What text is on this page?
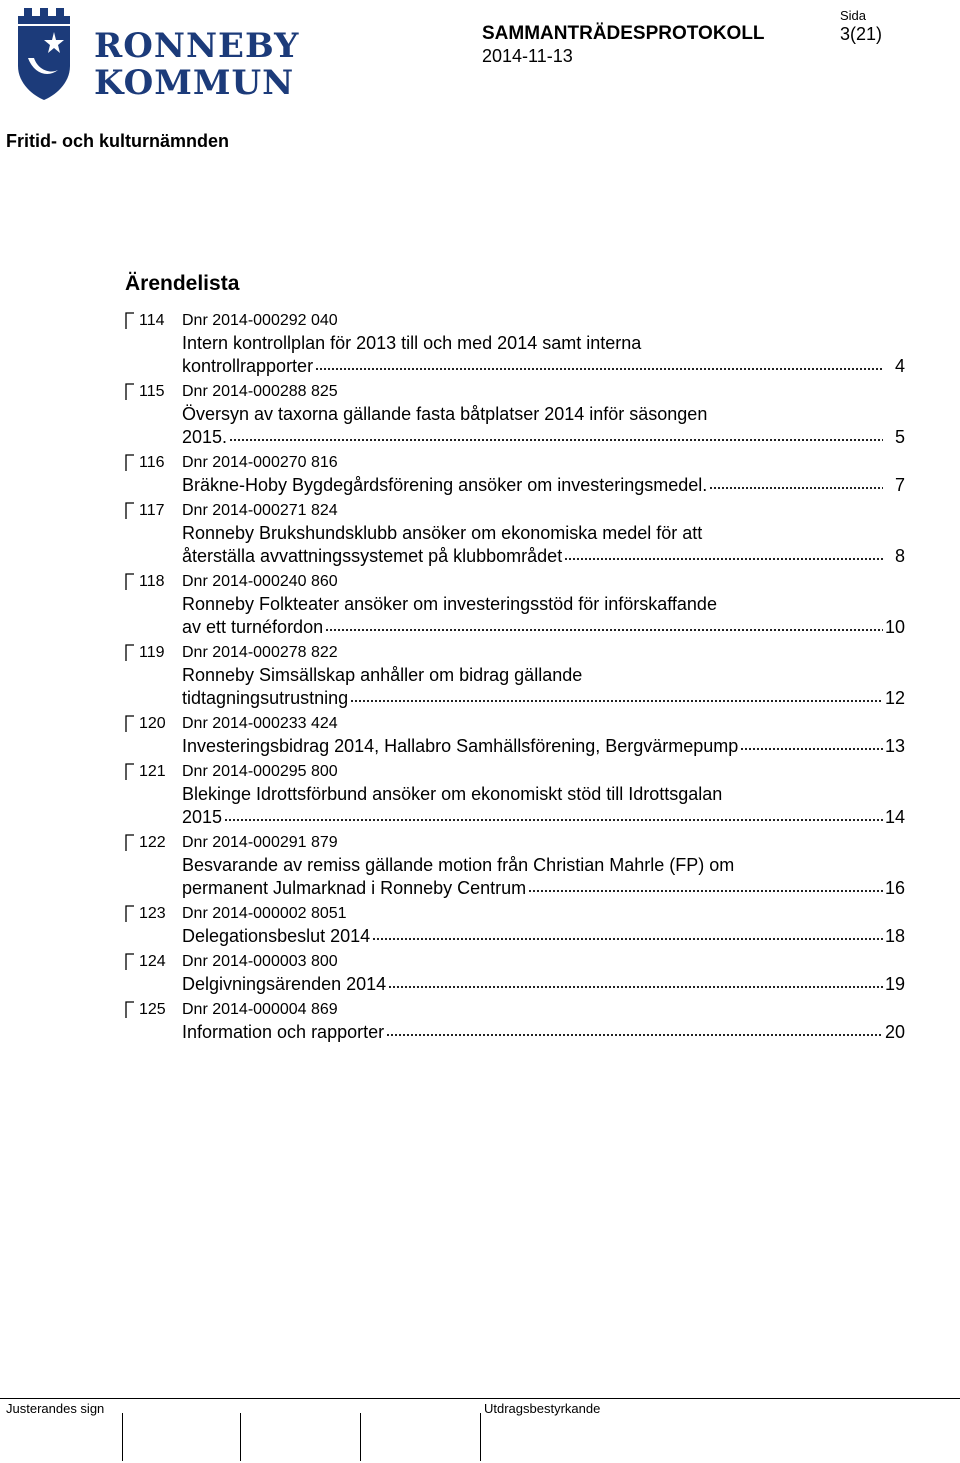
RONNEBY
KOMMUN
SAMMANTRÄDESPROTOKOLL
2014-11-13
Sida
3(21)
Fritid- och kulturnämnden
Ärendelista
114 Dnr 2014-000292 040
Intern kontrollplan för 2013 till och med 2014 samt interna
kontrollrapporter	4
115 Dnr 2014-000288 825
Översyn av taxorna gällande fasta båtplatser 2014 inför säsongen
2015.	5
116 Dnr 2014-000270 816
Bräkne-Hoby Bygdegårdsförening ansöker om investeringsmedel.	7
117 Dnr 2014-000271 824
Ronneby Brukshundsklubb ansöker om ekonomiska medel för att
återställa avvattningssystemet på klubbområdet	8
118 Dnr 2014-000240 860
Ronneby Folkteater ansöker om investeringsstöd för införskaffande
av ett turnéfordon	10
119 Dnr 2014-000278 822
Ronneby Simsällskap anhåller om bidrag gällande
tidtagningsutrustning	12
120 Dnr 2014-000233 424
Investeringsbidrag 2014, Hallabro Samhällsförening, Bergvärmepump	13
121 Dnr 2014-000295 800
Blekinge Idrottsförbund ansöker om ekonomiskt stöd till Idrottsgalan
2015	14
122 Dnr 2014-000291 879
Besvarande av remiss gällande motion från Christian Mahrle (FP) om
permanent Julmarknad i Ronneby Centrum	16
123 Dnr 2014-000002 8051
Delegationsbeslut 2014	18
124 Dnr 2014-000003 800
Delgivningsärenden 2014	19
125 Dnr 2014-000004 869
Information och rapporter	20
Justerandes sign	Utdragsbestyrkande
